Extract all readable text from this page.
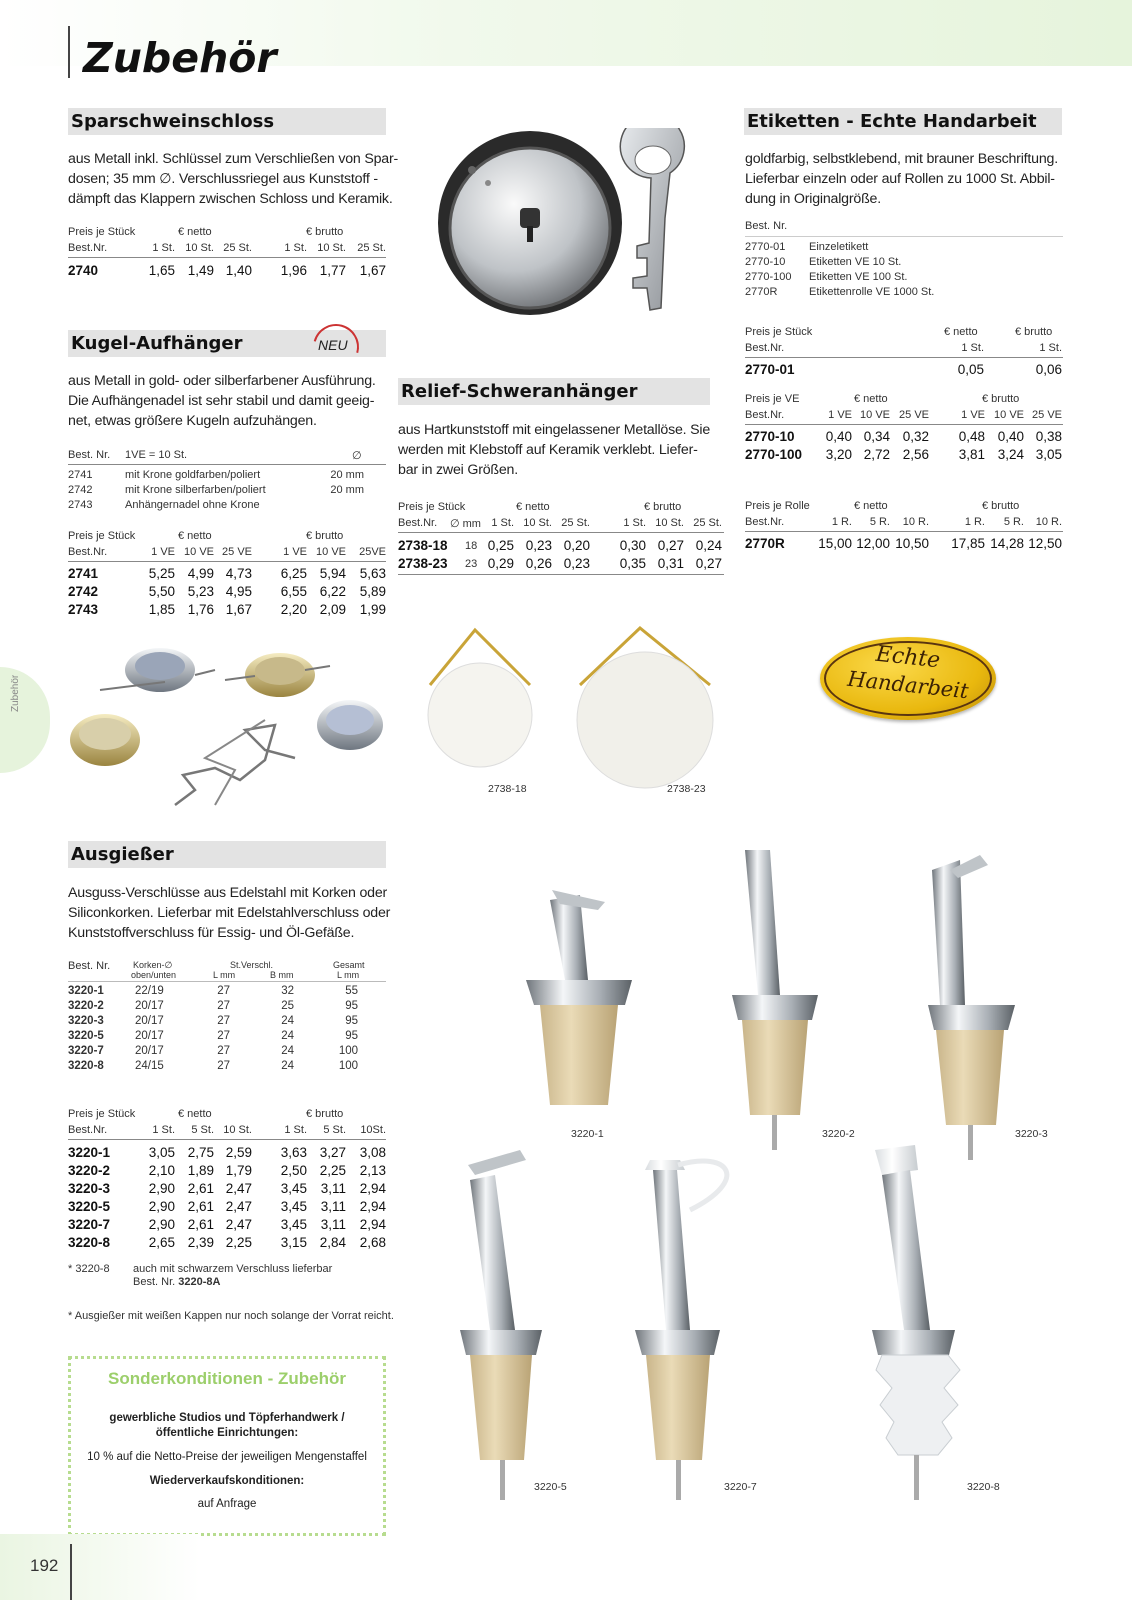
Zubehör
Sparschweinschloss
aus Metall inkl. Schlüssel zum Verschließen von Spar-
dosen; 35 mm ∅. Verschlussriegel aus Kunststoff -
dämpft das Klappern zwischen Schloss und Keramik.
Preis je Stück	€ netto	€ brutto
Best.Nr.	1 St. 10 St. 25 St.	1 St. 10 St.	25 St.
2740	1,65 1,49 1,40	1,96 1,77	1,67
Kugel-Aufhänger	NEU
aus Metall in gold- oder silberfarbener Ausführung.
Die Aufhängenadel ist sehr stabil und damit geeig-
net, etwas größere Kugeln aufzuhängen.
Best. Nr. 1VE = 10 St.	∅
2741	mit Krone goldfarben/poliert	20 mm
2742	mit Krone silberfarben/poliert	20 mm
2743	Anhängernadel ohne Krone
Preis je Stück	€ netto	€ brutto
Best.Nr.	1 VE 10 VE 25 VE	1 VE 10 VE	25VE
2741	5,25 4,99 4,73	6,25 5,94	5,63
2742	5,50 5,23 4,95	6,55 6,22	5,89
2743	1,85 1,76 1,67	2,20 2,09	1,99
Relief-Schweranhänger
aus Hartkunststoff mit eingelassener Metallöse. Sie
werden mit Klebstoff auf Keramik verklebt. Liefer-
bar in zwei Größen.
Preis je Stück	€ netto	€ brutto
Best.Nr. ∅ mm 1 St. 10 St. 25 St.	1 St. 10 St. 25 St.
2738-18 18 0,25 0,23 0,20	0,30 0,27 0,24
2738-23 23 0,29 0,26 0,23	0,35 0,31 0,27
2738-18	2738-23
Etiketten - Echte Handarbeit
goldfarbig, selbstklebend, mit brauner Beschriftung.
Lieferbar einzeln oder auf Rollen zu 1000 St. Abbil-
dung in Originalgröße.
Best. Nr.
2770-01 Einzeletikett
2770-10 Etiketten VE 10 St.
2770-100 Etiketten VE 100 St.
2770R	Etikettenrolle VE 1000 St.
Preis je Stück	€ netto	€ brutto
Best.Nr.	1 St.	1 St.
2770-01	0,05	0,06
Preis je VE	€ netto	€ brutto
Best.Nr.	1 VE 10 VE 25 VE	1 VE 10 VE 25 VE
2770-10	0,40 0,34 0,32	0,48 0,40 0,38
2770-100	3,20 2,72 2,56	3,81 3,24 3,05
Preis je Rolle	€ netto	€ brutto
Best.Nr.	1 R.	5 R.	10 R.	1 R.	5 R.	10 R.
2770R	15,00 12,00 10,50	17,85 14,28 12,50
Echte
Handarbeit
Zubehör
Ausgießer
Ausguss-Verschlüsse aus Edelstahl mit Korken oder
Siliconkorken. Lieferbar mit Edelstahlverschluss oder
Kunststoffverschluss für Essig- und Öl-Gefäße.
Best. Nr.	Korken-∅
oben/unten
St.Verschl.
L mm	B mm
Gesamt
L mm
3220-1	22/19	27	32	55
3220-2	20/17	27	25	95
3220-3	20/17	27	24	95
3220-5	20/17	27	24	95
3220-7	20/17	27	24	100
3220-8	24/15	27	24	100
Preis je Stück	€ netto	€ brutto
Best.Nr.	1 St.	5 St. 10 St.	1 St.	5 St.	10St.
3220-1	3,05 2,75 2,59	3,63 3,27	3,08
3220-2	2,10 1,89 1,79	2,50 2,25	2,13
3220-3	2,90 2,61 2,47	3,45	3,11	2,94
3220-5	2,90 2,61 2,47	3,45	3,11	2,94
3220-7	2,90 2,61 2,47	3,45	3,11	2,94
3220-8	2,65 2,39 2,25	3,15 2,84	2,68
* 3220-8 auch mit schwarzem Verschluss lieferbar
Best. Nr. 3220-8A
* Ausgießer mit weißen Kappen nur noch solange der Vorrat reicht.
Sonderkonditionen - Zubehör
gewerbliche Studios und Töpferhandwerk /
öffentliche Einrichtungen:
10 % auf die Netto-Preise der jeweiligen Mengenstaffel
Wiederverkaufskonditionen:
auf Anfrage
3220-1	3220-2	3220-3
3220-5	3220-7	3220-8
192
